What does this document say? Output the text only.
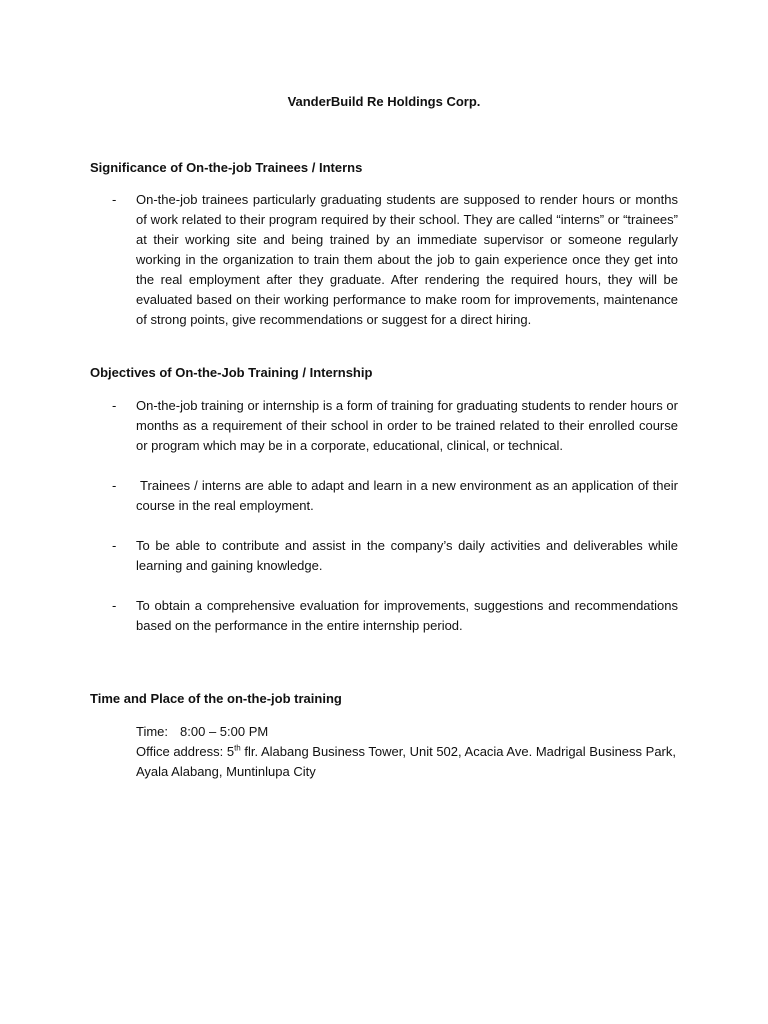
VanderBuild Re Holdings Corp.
Significance of On-the-job Trainees / Interns
-	On-the-job trainees particularly graduating students are supposed to render hours or months of work related to their program required by their school. They are called “interns” or “trainees” at their working site and being trained by an immediate supervisor or someone regularly working in the organization to train them about the job to gain experience once they get into the real employment after they graduate. After rendering the required hours, they will be evaluated based on their working performance to make room for improvements, maintenance of strong points, give recommendations or suggest for a direct hiring.
Objectives of On-the-Job Training / Internship
-	On-the-job training or internship is a form of training for graduating students to render hours or months as a requirement of their school in order to be trained related to their enrolled course or program which may be in a corporate, educational, clinical, or technical.
-	Trainees / interns are able to adapt and learn in a new environment as an application of their course in the real employment.
-	To be able to contribute and assist in the company’s daily activities and deliverables while learning and gaining knowledge.
-	To obtain a comprehensive evaluation for improvements, suggestions and recommendations based on the performance in the entire internship period.
Time and Place of the on-the-job training
Time: 8:00 – 5:00 PM
Office address: 5th flr. Alabang Business Tower, Unit 502, Acacia Ave. Madrigal Business Park,
Ayala Alabang, Muntinlupa City
